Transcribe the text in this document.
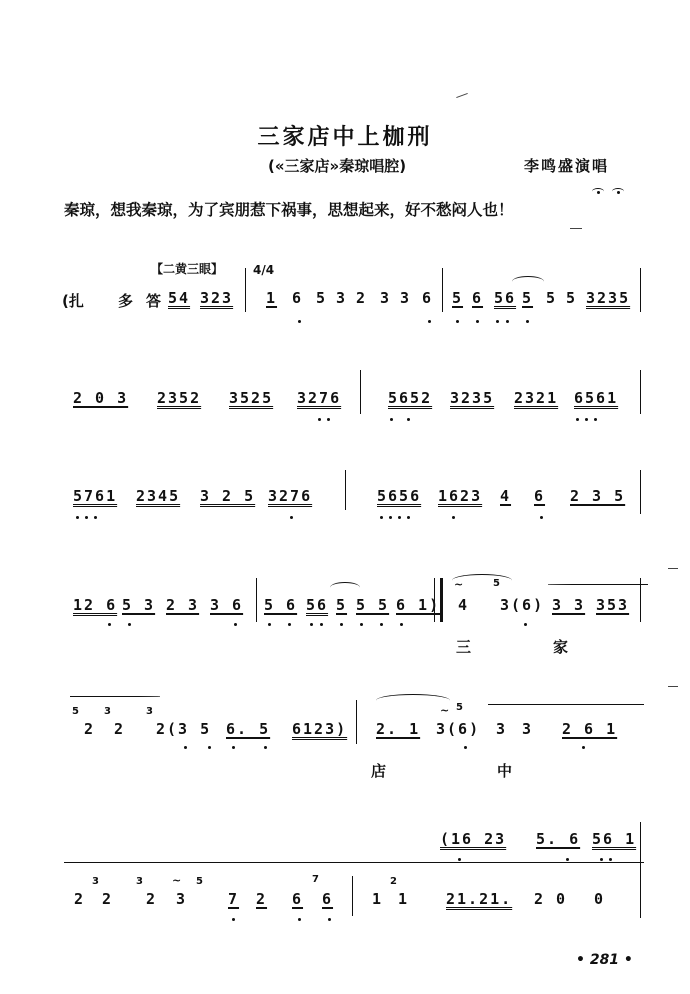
三家店中上枷刑
(«三家店»秦琼唱腔)	李鸣盛演唱
秦琼，想我秦琼，为了宾朋惹下祸事，思想起来，好不愁闷人也！
【二黄三眼】
(扎 多 答 54 323
4/4
1 6 5 3 2 3 3 6 5 6 56 5 5 5 3235
2 0 3 2352 3525 3276	5652 3235 2321 6561
5761 2345 3 2 5 3276	5656 1623 4 6 2 3 5
12 6 5 3 2 3 3 6 5 6 56 5 5 5 6 1)
~
4
5
3(6) 3 3 353
三	家
5
2
3
2
3
2(3 5 6. 5 6123) 2. 1
~ 5
3(6) 3 3 2 6 1
店	中
(16 23 5. 6 56 1
2
3
2
3
2
~
3
5
7 2 6
7
6	1
2
1 21.21. 2 0 0
• 281 •
